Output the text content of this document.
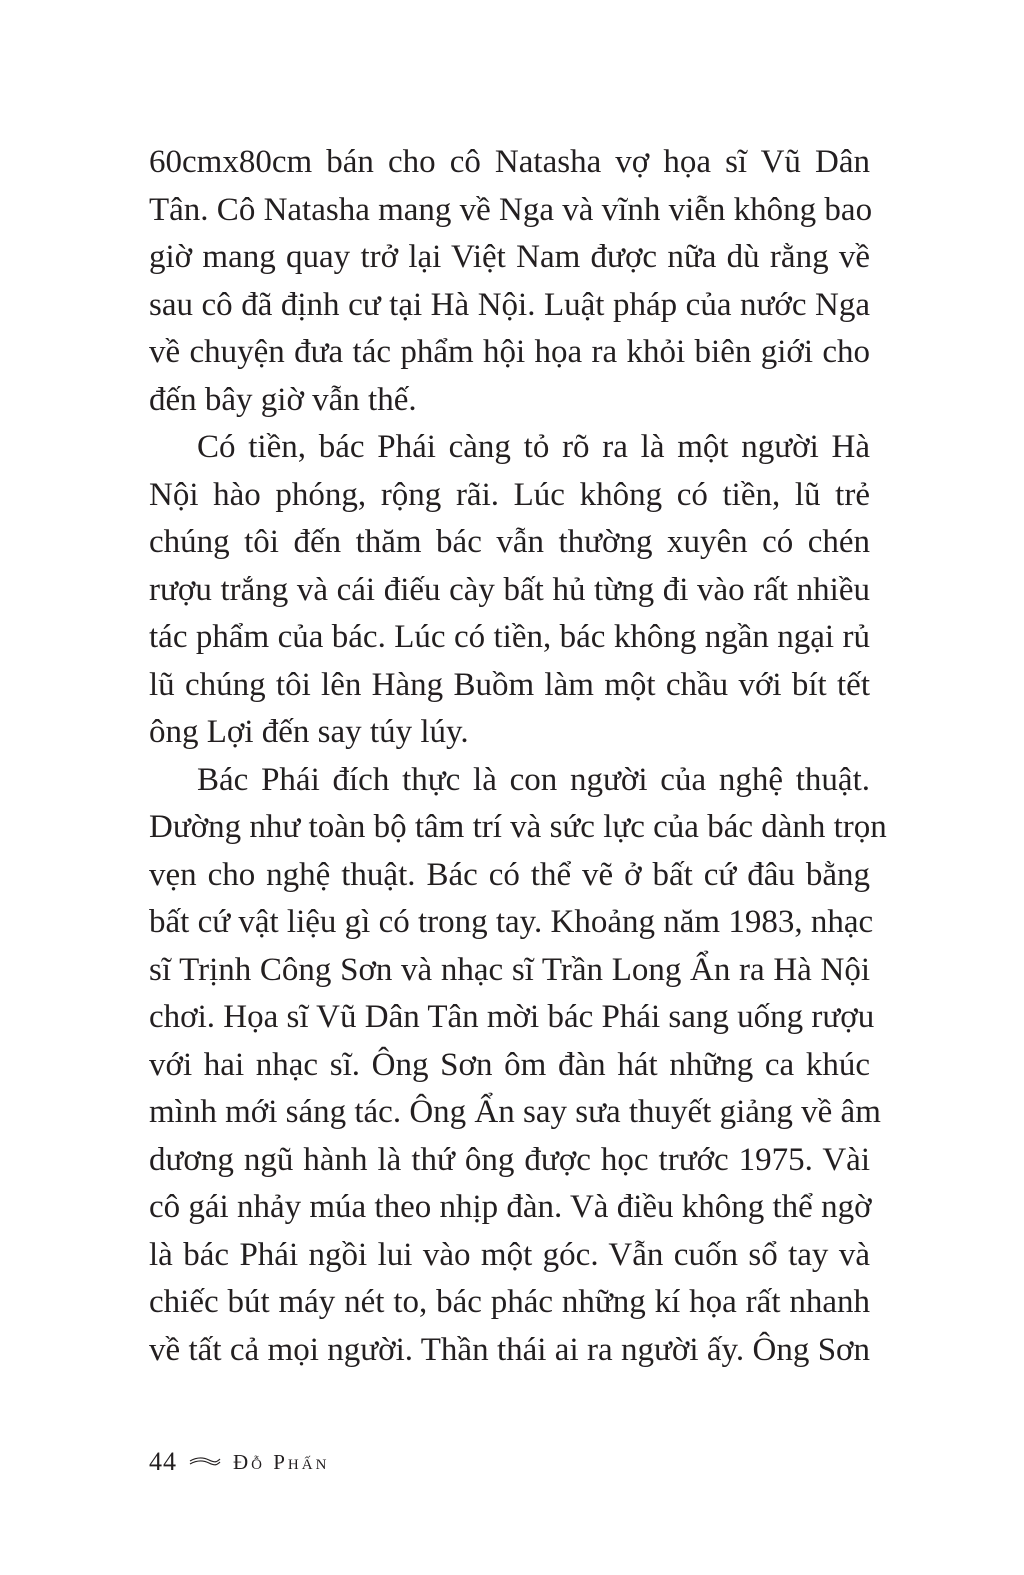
60cmx80cm bán cho cô Natasha vợ họa sĩ Vũ Dân
Tân. Cô Natasha mang về Nga và vĩnh viễn không bao
giờ mang quay trở lại Việt Nam được nữa dù rằng về
sau cô đã định cư tại Hà Nội. Luật pháp của nước Nga
về chuyện đưa tác phẩm hội họa ra khỏi biên giới cho
đến bây giờ vẫn thế.
Có tiền, bác Phái càng tỏ rõ ra là một người Hà
Nội hào phóng, rộng rãi. Lúc không có tiền, lũ trẻ
chúng tôi đến thăm bác vẫn thường xuyên có chén
rượu trắng và cái điếu cày bất hủ từng đi vào rất nhiều
tác phẩm của bác. Lúc có tiền, bác không ngần ngại rủ
lũ chúng tôi lên Hàng Buồm làm một chầu với bít tết
ông Lợi đến say túy lúy.
Bác Phái đích thực là con người của nghệ thuật.
Dường như toàn bộ tâm trí và sức lực của bác dành trọn
vẹn cho nghệ thuật. Bác có thể vẽ ở bất cứ đâu bằng
bất cứ vật liệu gì có trong tay. Khoảng năm 1983, nhạc
sĩ Trịnh Công Sơn và nhạc sĩ Trần Long Ẩn ra Hà Nội
chơi. Họa sĩ Vũ Dân Tân mời bác Phái sang uống rượu
với hai nhạc sĩ. Ông Sơn ôm đàn hát những ca khúc
mình mới sáng tác. Ông Ẩn say sưa thuyết giảng về âm
dương ngũ hành là thứ ông được học trước 1975. Vài
cô gái nhảy múa theo nhịp đàn. Và điều không thể ngờ
là bác Phái ngồi lui vào một góc. Vẫn cuốn sổ tay và
chiếc bút máy nét to, bác phác những kí họa rất nhanh
về tất cả mọi người. Thần thái ai ra người ấy. Ông Sơn
44	Đỗ Phấn
